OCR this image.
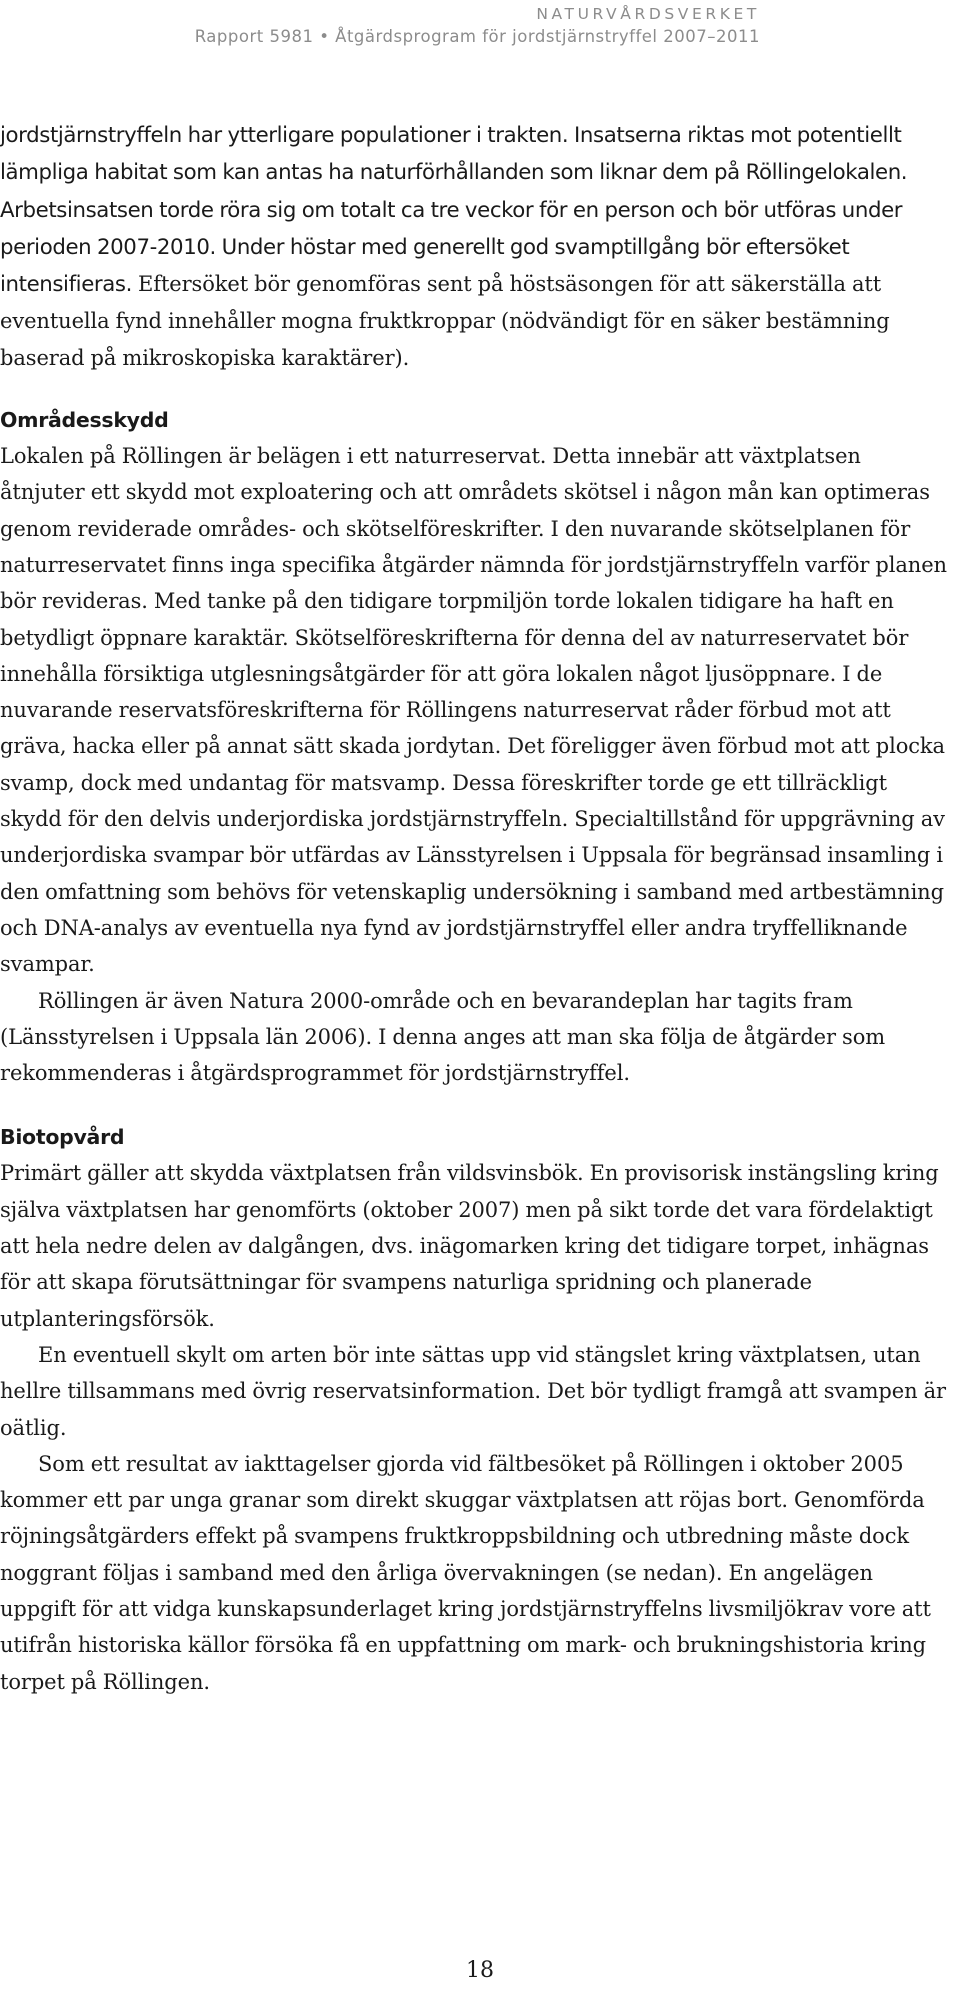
NATURVÅRDSVERKET
Rapport 5981 • Åtgärdsprogram för jordstjärnstryffel 2007–2011

jordstjärnstryffeln har ytterligare populationer i trakten. Insatserna riktas mot potentiellt lämpliga habitat som kan antas ha naturförhållanden som liknar dem på Röllingelokalen. Arbetsinsatsen torde röra sig om totalt ca tre veckor för en person och bör utföras under perioden 2007-2010. Under höstar med generellt god svamptillgång bör eftersöket intensifieras. Eftersöket bör genomföras sent på höstsäsongen för att säkerställa att eventuella fynd innehåller mogna fruktkroppar (nödvändigt för en säker bestämning baserad på mikroskopiska karaktärer).

Områdesskydd

Lokalen på Röllingen är belägen i ett naturreservat. Detta innebär att växtplatsen åtnjuter ett skydd mot exploatering och att områdets skötsel i någon mån kan optimeras genom reviderade områdes- och skötselföreskrifter. I den nuvarande skötselplanen för naturreservatet finns inga specifika åtgärder nämnda för jordstjärnstryffeln varför planen bör revideras. Med tanke på den tidigare torpmiljön torde lokalen tidigare ha haft en betydligt öppnare karaktär. Skötselföreskrifterna för denna del av naturreservatet bör innehålla försiktiga utglesningsåtgärder för att göra lokalen något ljusöppnare. I de nuvarande reservatsföreskrifterna för Röllingens naturreservat råder förbud mot att gräva, hacka eller på annat sätt skada jordytan. Det föreligger även förbud mot att plocka svamp, dock med undantag för matsvamp. Dessa föreskrifter torde ge ett tillräckligt skydd för den delvis underjordiska jordstjärnstryffeln. Specialtillstånd för uppgrävning av underjordiska svampar bör utfärdas av Länsstyrelsen i Uppsala för begränsad insamling i den omfattning som behövs för vetenskaplig undersökning i samband med artbestämning och DNA-analys av eventuella nya fynd av jordstjärnstryffel eller andra tryffelliknande svampar.

Röllingen är även Natura 2000-område och en bevarandeplan har tagits fram (Länsstyrelsen i Uppsala län 2006). I denna anges att man ska följa de åtgärder som rekommenderas i åtgärdsprogrammet för jordstjärnstryffel.

Biotopvård

Primärt gäller att skydda växtplatsen från vildsvinsbök. En provisorisk instängsling kring själva växtplatsen har genomförts (oktober 2007) men på sikt torde det vara fördelaktigt att hela nedre delen av dalgången, dvs. inägomarken kring det tidigare torpet, inhägnas för att skapa förutsättningar för svampens naturliga spridning och planerade utplanteringsförsök.

En eventuell skylt om arten bör inte sättas upp vid stängslet kring växtplatsen, utan hellre tillsammans med övrig reservatsinformation. Det bör tydligt framgå att svampen är oätlig.

Som ett resultat av iakttagelser gjorda vid fältbesöket på Röllingen i oktober 2005 kommer ett par unga granar som direkt skuggar växtplatsen att röjas bort. Genomförda röjningsåtgärders effekt på svampens fruktkroppsbildning och utbredning måste dock noggrant följas i samband med den årliga övervakningen (se nedan). En angelägen uppgift för att vidga kunskapsunderlaget kring jordstjärnstryffelns livsmiljökrav vore att utifrån historiska källor försöka få en uppfattning om mark- och brukningshistoria kring torpet på Röllingen.

18
